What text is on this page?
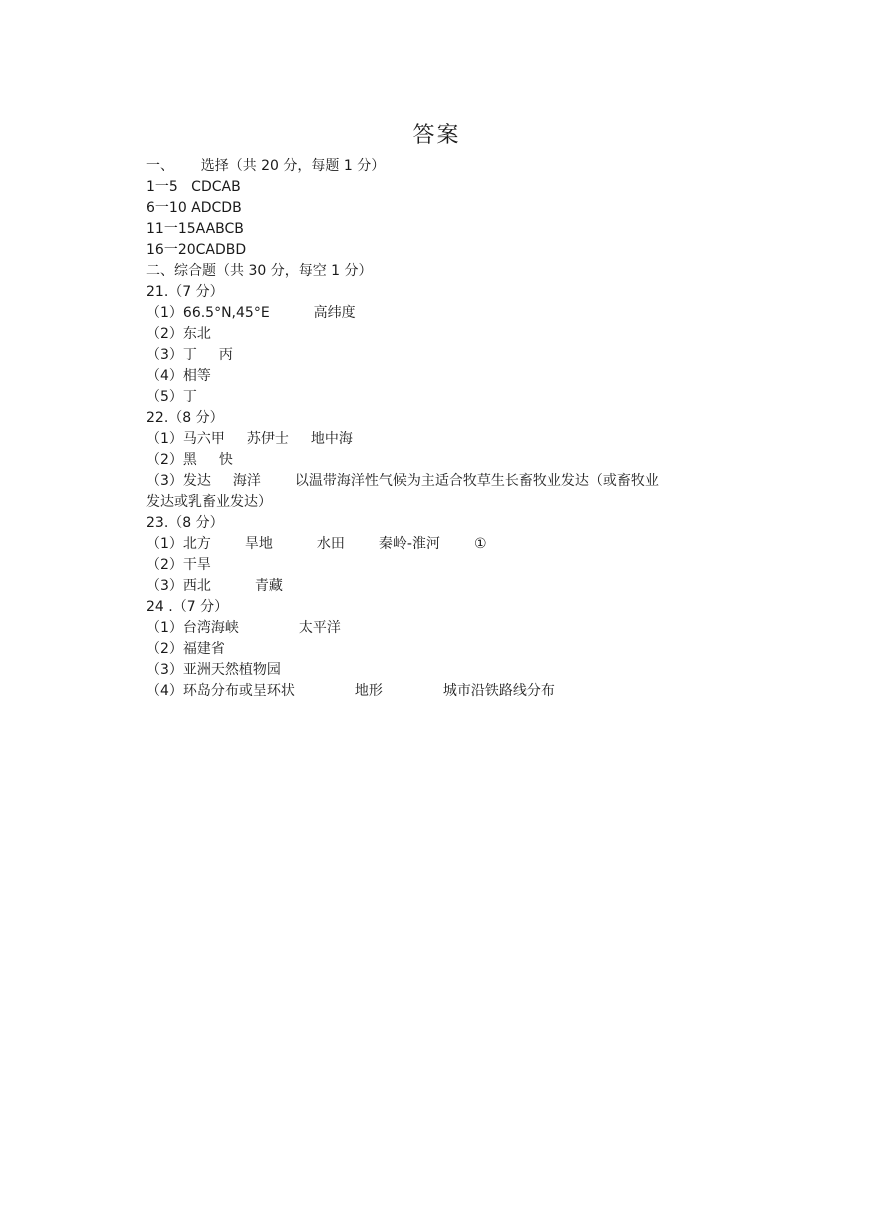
答案
一、      选择（共 20 分，每题 1 分）
1一5   CDCAB
6一10 ADCDB
11一15AABCB
16一20CADBD
二、综合题（共 30 分，每空 1 分）
21.（7 分）
（1）66.5°N,45°E	高纬度
（2）东北
（3）丁 丙
（4）相等
（5）丁
22.（8 分）
（1）马六甲 苏伊士 地中海
（2）黑 快
（3）发达 海洋 以温带海洋性气候为主适合牧草生长畜牧业发达（或畜牧业
发达或乳畜业发达）
23.（8 分）
（1）北方 旱地	水田 秦岭-淮河 ①
（2）干旱
（3）西北	青藏
24 .（7 分）
（1）台湾海峡	太平洋
（2）福建省
（3）亚洲天然植物园
（4）环岛分布或呈环状	地形	城市沿铁路线分布
